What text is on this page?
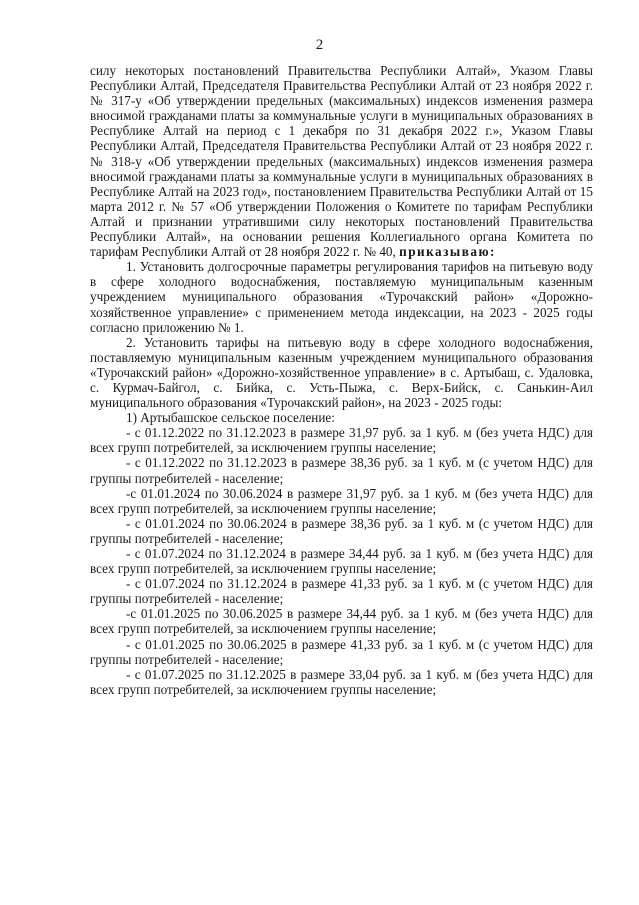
2

силу некоторых постановлений Правительства Республики Алтай», Указом Главы Республики Алтай, Председателя Правительства Республики Алтай от 23 ноября 2022 г. № 317-у «Об утверждении предельных (максимальных) индексов изменения размера вносимой гражданами платы за коммунальные услуги в муниципальных образованиях в Республике Алтай на период с 1 декабря по 31 декабря 2022 г.», Указом Главы Республики Алтай, Председателя Правительства Республики Алтай от 23 ноября 2022 г. № 318-у «Об утверждении предельных (максимальных) индексов изменения размера вносимой гражданами платы за коммунальные услуги в муниципальных образованиях в Республике Алтай на 2023 год», постановлением Правительства Республики Алтай от 15 марта 2012 г. № 57 «Об утверждении Положения о Комитете по тарифам Республики Алтай и признании утратившими силу некоторых постановлений Правительства Республики Алтай», на основании решения Коллегиального органа Комитета по тарифам Республики Алтай от 28 ноября 2022 г. № 40, приказываю:

1. Установить долгосрочные параметры регулирования тарифов на питьевую воду в сфере холодного водоснабжения, поставляемую муниципальным казенным учреждением муниципального образования «Турочакский район» «Дорожно-хозяйственное управление» с применением метода индексации, на 2023 - 2025 годы согласно приложению № 1.

2. Установить тарифы на питьевую воду в сфере холодного водоснабжения, поставляемую муниципальным казенным учреждением муниципального образования «Турочакский район» «Дорожно-хозяйственное управление» в с. Артыбаш, с. Удаловка, с. Курмач-Байгол, с. Бийка, с. Усть-Пыжа, с. Верх-Бийск, с. Санькин-Аил муниципального образования «Турочакский район», на 2023 - 2025 годы:

1) Артыбашское сельское поселение:

- с 01.12.2022 по 31.12.2023 в размере 31,97 руб. за 1 куб. м (без учета НДС) для всех групп потребителей, за исключением группы население;

- с 01.12.2022 по 31.12.2023 в размере 38,36 руб. за 1 куб. м (с учетом НДС) для группы потребителей - население;

-с 01.01.2024 по 30.06.2024 в размере 31,97 руб. за 1 куб. м (без учета НДС) для всех групп потребителей, за исключением группы население;

- с 01.01.2024 по 30.06.2024 в размере 38,36 руб. за 1 куб. м (с учетом НДС) для группы потребителей - население;

- с 01.07.2024 по 31.12.2024 в размере 34,44 руб. за 1 куб. м (без учета НДС) для всех групп потребителей, за исключением группы население;

- с 01.07.2024 по 31.12.2024 в размере 41,33 руб. за 1 куб. м (с учетом НДС) для группы потребителей - население;

-с 01.01.2025 по 30.06.2025 в размере 34,44 руб. за 1 куб. м (без учета НДС) для всех групп потребителей, за исключением группы население;

- с 01.01.2025 по 30.06.2025 в размере 41,33 руб. за 1 куб. м (с учетом НДС) для группы потребителей - население;

- с 01.07.2025 по 31.12.2025 в размере 33,04 руб. за 1 куб. м (без учета НДС) для всех групп потребителей, за исключением группы население;
